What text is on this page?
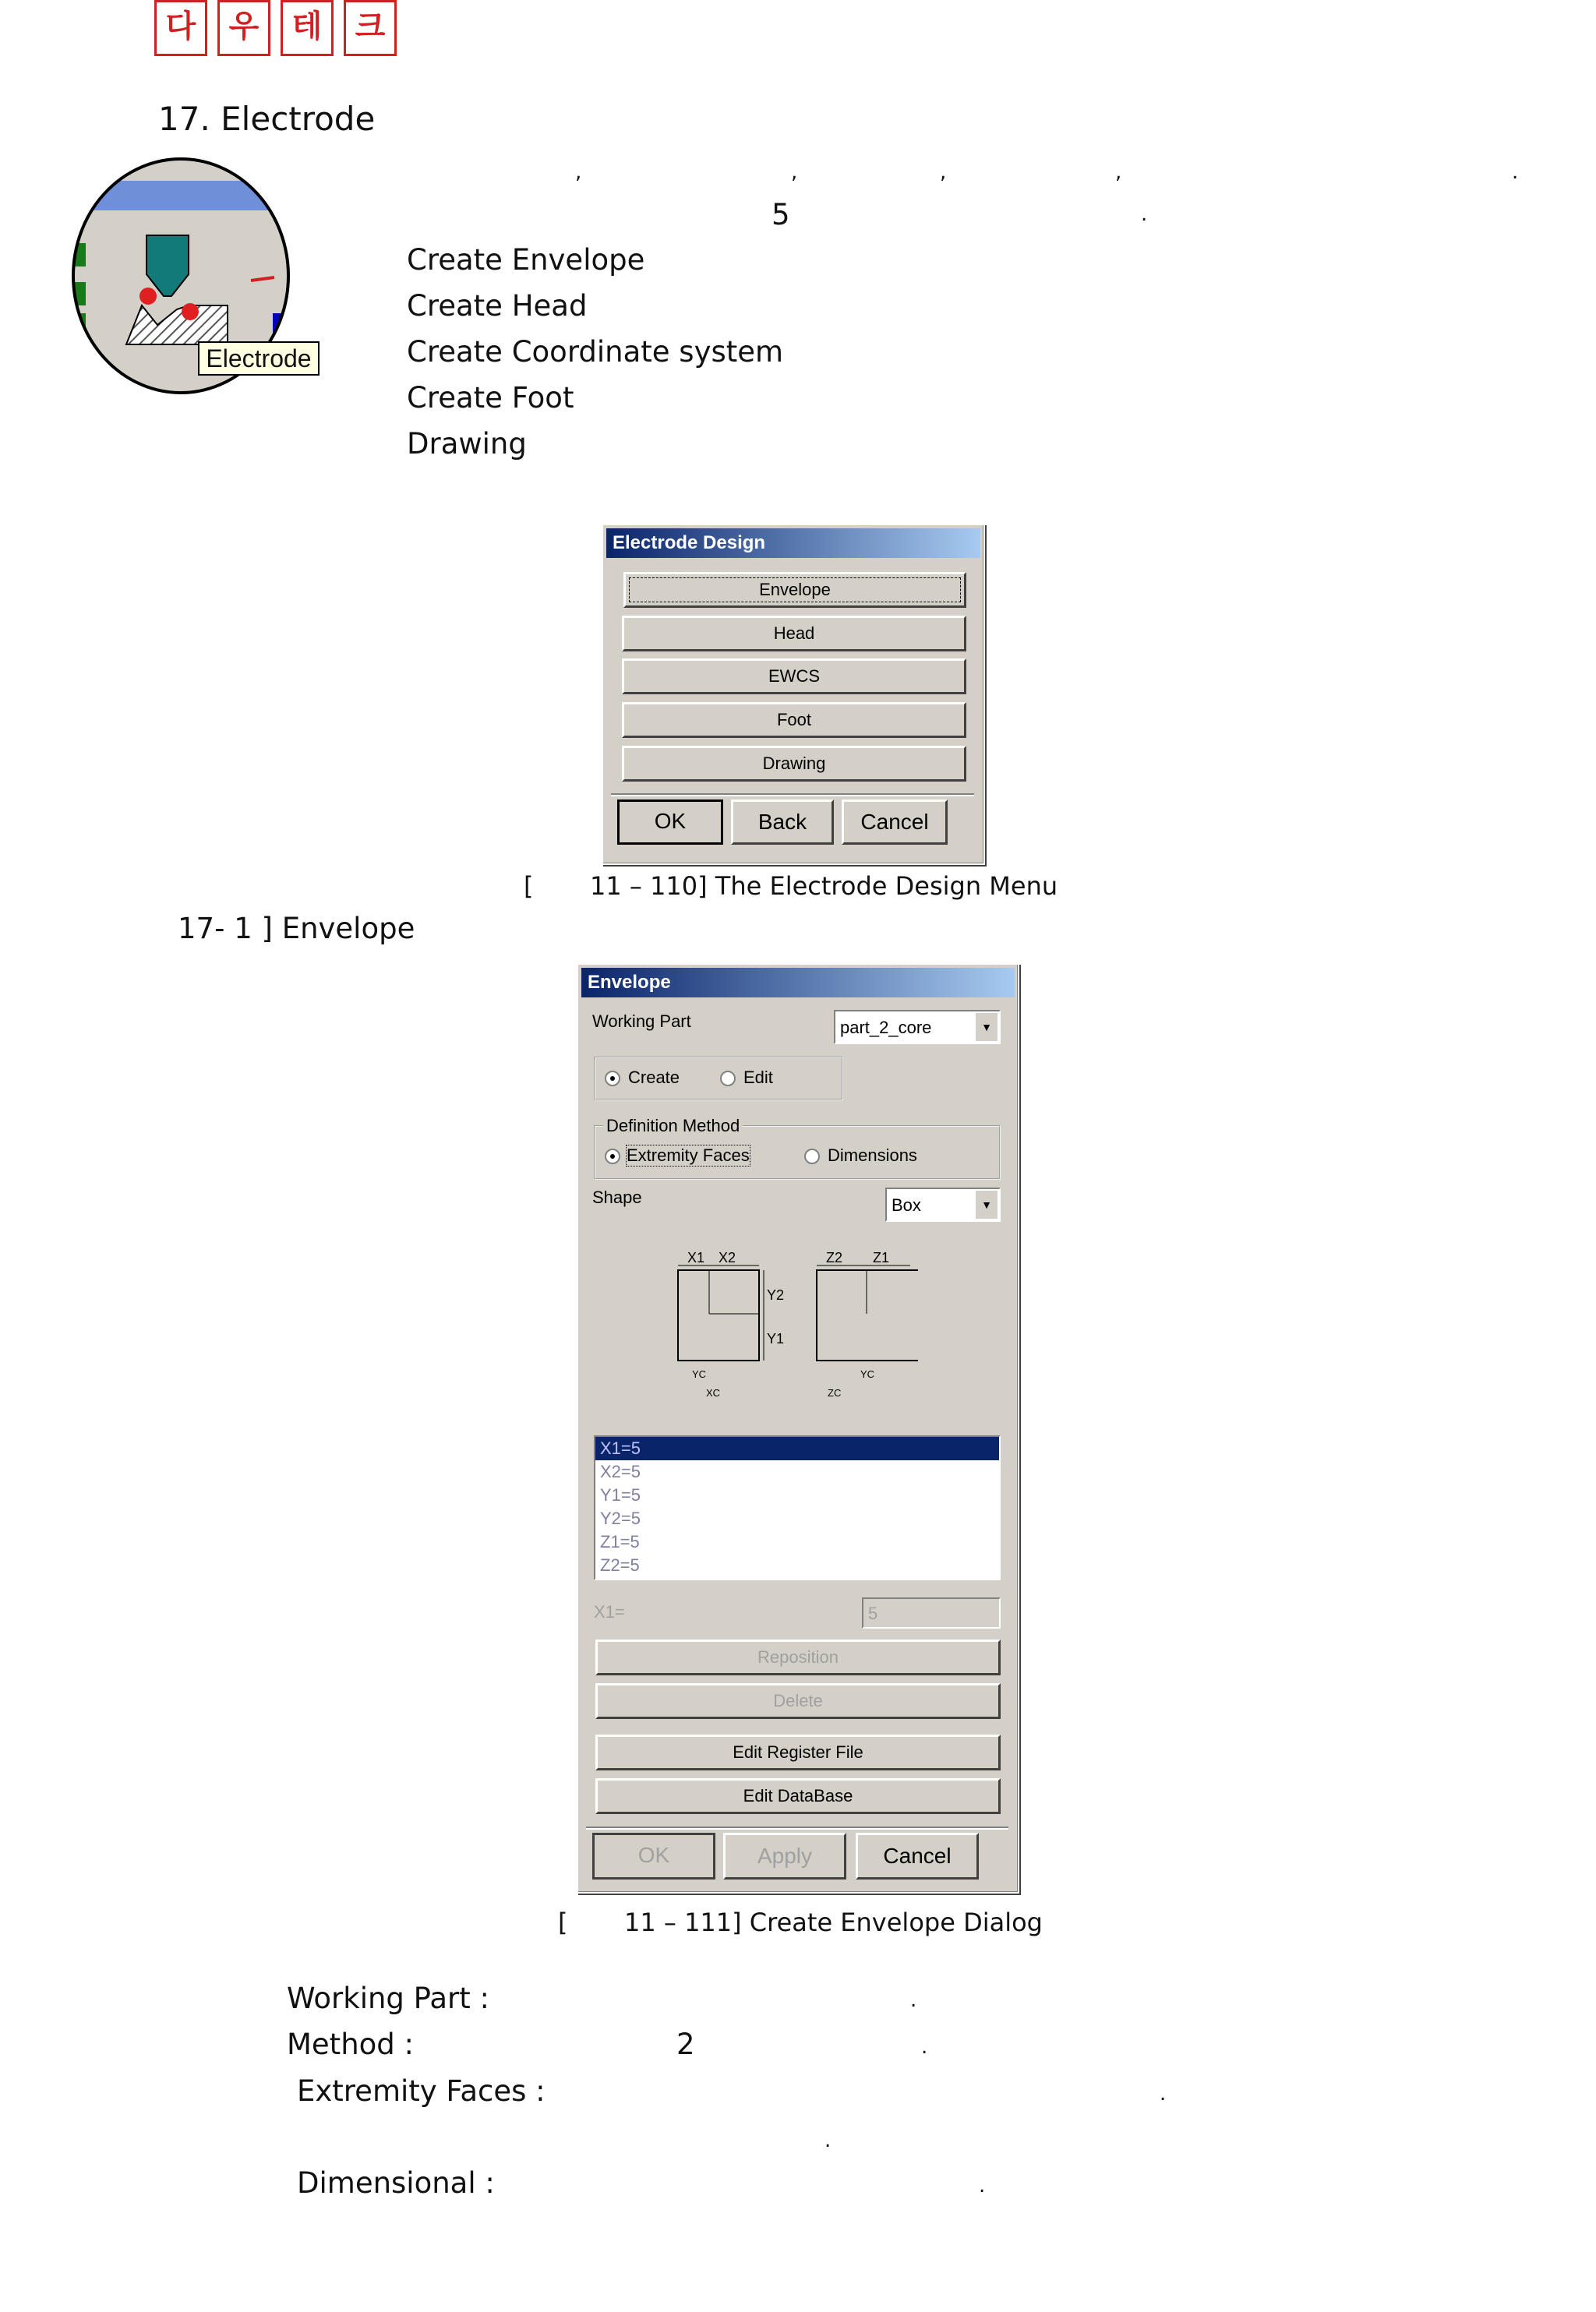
다	우	테	크
17. Electrode
Electrode
,	,	,	,	.
5	.
Create Envelope
Create Head
Create Coordinate system
Create Foot
Drawing
Electrode Design
Envelope
Head
EWCS
Foot
Drawing
OK	Back	Cancel
[ 11 – 110] The Electrode Design Menu
17- 1 ] Envelope
Envelope
Working Part	part_2_core	▼
Create	Edit
Definition Method
Extremity Faces	Dimensions
Shape	Box	▼
X1 X2
Y2
Y1
Z2 Z1
YC
XC
YC
ZC
X1=5
X2=5
Y1=5
Y2=5
Z1=5
Z2=5
X1=	5
Reposition
Delete
Edit Register File
Edit DataBase
OK	Apply	Cancel
[ 11 – 111] Create Envelope Dialog
Working Part :	.
Method :	2	.
Extremity Faces :	.
.
Dimensional :	.
